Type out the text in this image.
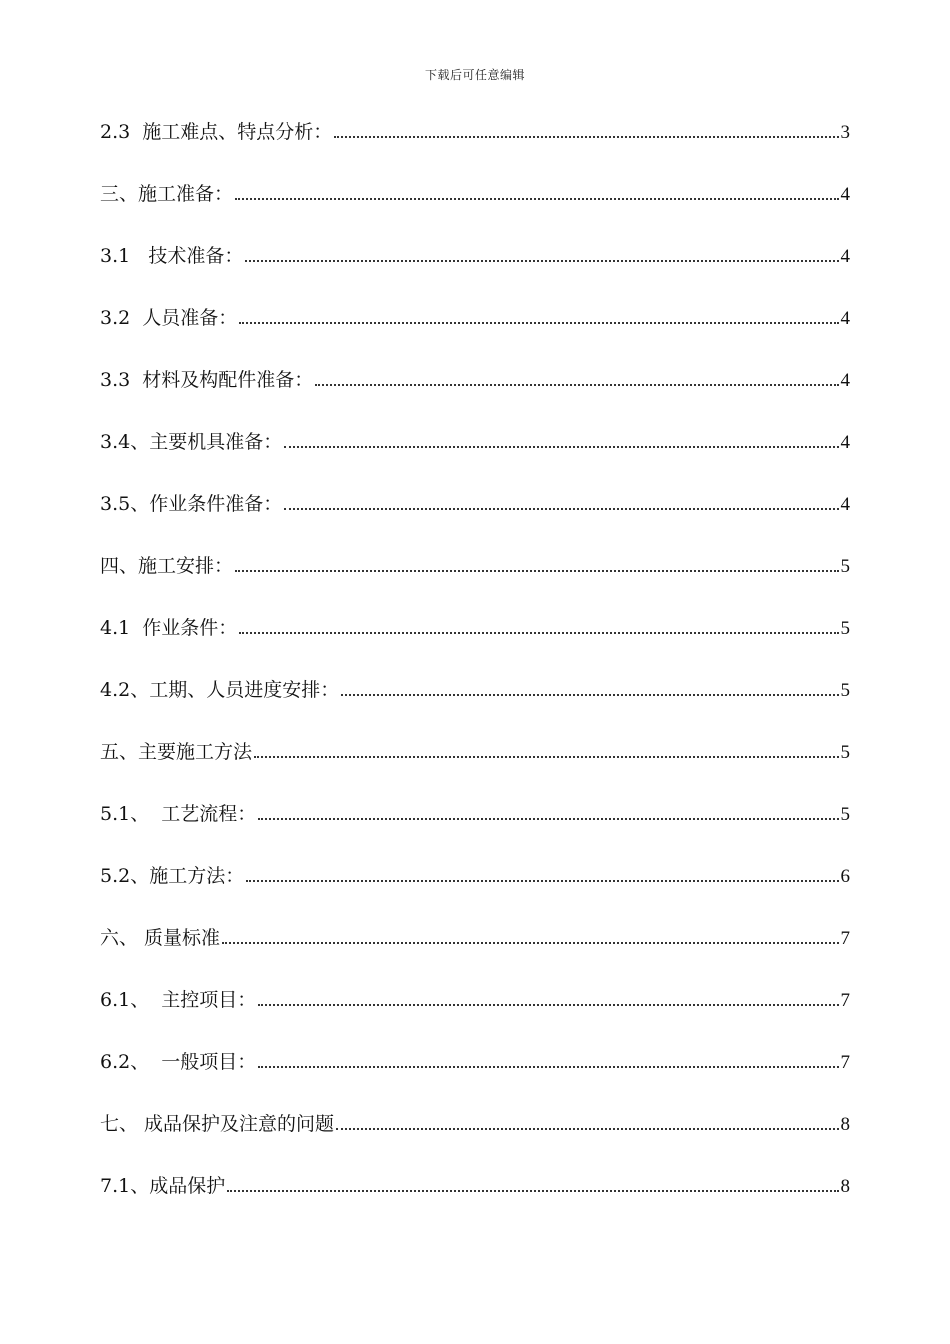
下载后可任意编辑
2.3  施工难点、特点分析：	3
三、施工准备：	4
3.1   技术准备：	4
3.2  人员准备：	4
3.3  材料及构配件准备：	4
3.4、主要机具准备：	4
3.5、作业条件准备：	4
四、施工安排：	5
4.1  作业条件：	5
4.2、工期、人员进度安排：	5
五、主要施工方法	5
5.1、  工艺流程：	5
5.2、施工方法：	6
六、 质量标准	7
6.1、  主控项目：	7
6.2、  一般项目：	7
七、 成品保护及注意的问题	8
7.1、成品保护	8
